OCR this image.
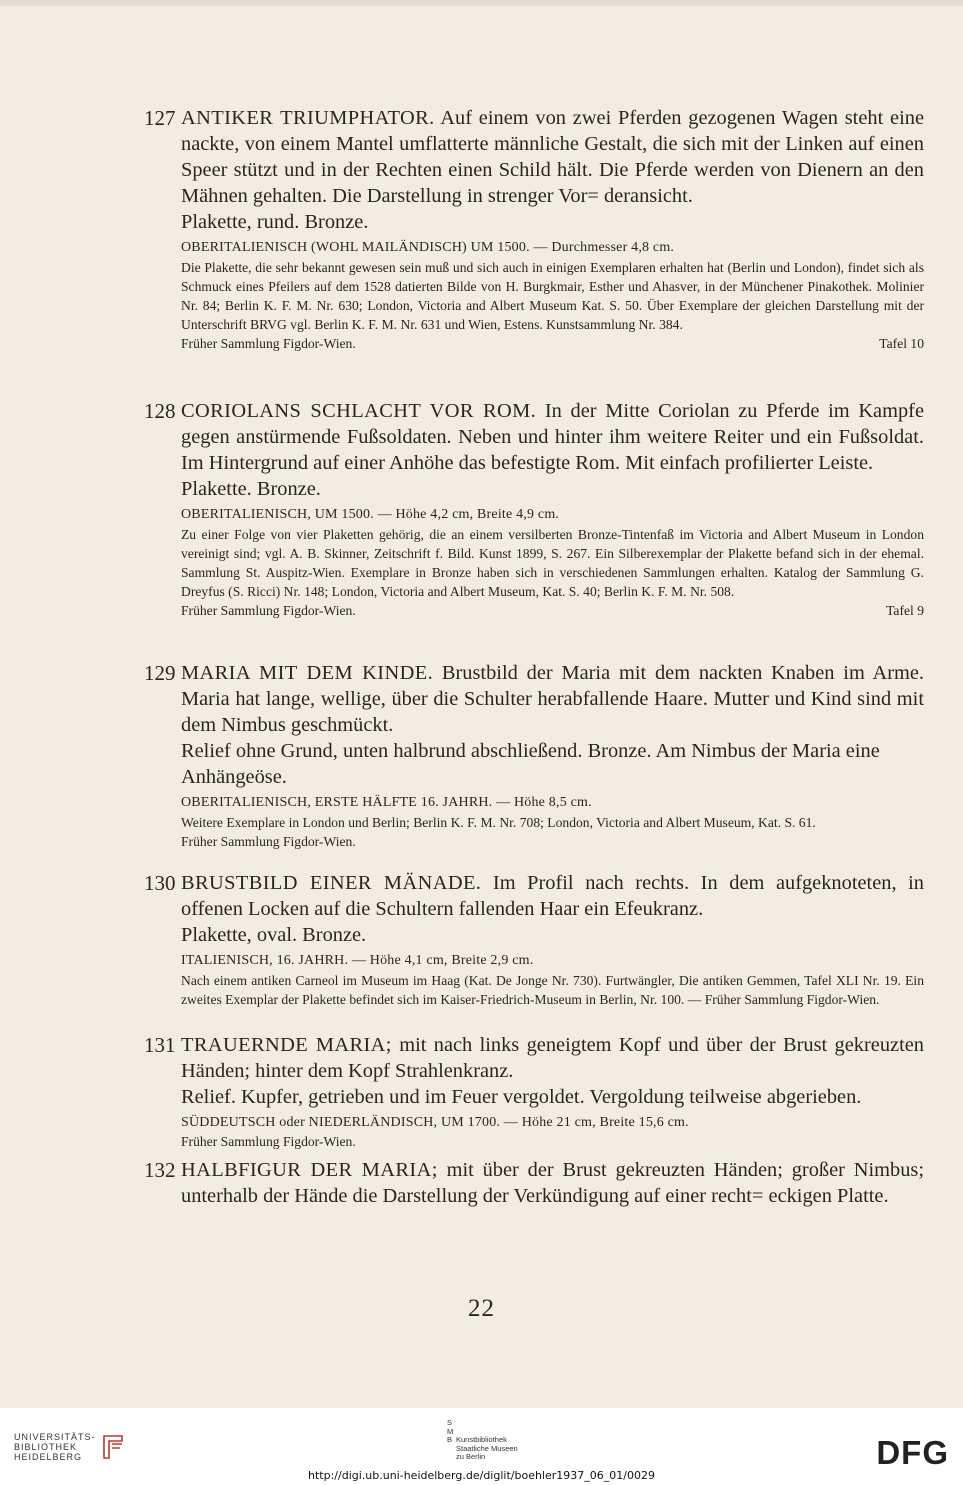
127 ANTIKER TRIUMPHATOR. Auf einem von zwei Pferden gezogenen Wagen steht eine nackte, von einem Mantel umflatterte männliche Gestalt, die sich mit der Linken auf einen Speer stützt und in der Rechten einen Schild hält. Die Pferde werden von Dienern an den Mähnen gehalten. Die Darstellung in strenger Vor= deransicht.

Plakette, rund. Bronze.

OBERITALIENISCH (WOHL MAILÄNDISCH) UM 1500. — Durchmesser 4,8 cm.

Die Plakette, die sehr bekannt gewesen sein muß und sich auch in einigen Exemplaren erhalten hat (Berlin und London), findet sich als Schmuck eines Pfeilers auf dem 1528 datierten Bilde von H. Burgkmair, Esther und Ahasver, in der Münchener Pinakothek. Molinier Nr. 84; Berlin K. F. M. Nr. 630; London, Victoria and Albert Museum Kat. S. 50. Über Exemplare der gleichen Darstellung mit der Unterschrift BRVG vgl. Berlin K. F. M. Nr. 631 und Wien, Estens. Kunstsammlung Nr. 384.

Früher Sammlung Figdor-Wien.	Tafel 10

128 CORIOLANS SCHLACHT VOR ROM. In der Mitte Coriolan zu Pferde im Kampfe gegen anstürmende Fußsoldaten. Neben und hinter ihm weitere Reiter und ein Fußsoldat. Im Hintergrund auf einer Anhöhe das befestigte Rom. Mit einfach profilierter Leiste.

Plakette. Bronze.

OBERITALIENISCH, UM 1500. — Höhe 4,2 cm, Breite 4,9 cm.

Zu einer Folge von vier Plaketten gehörig, die an einem versilberten Bronze-Tintenfaß im Victoria and Albert Museum in London vereinigt sind; vgl. A. B. Skinner, Zeitschrift f. Bild. Kunst 1899, S. 267. Ein Silberexemplar der Plakette befand sich in der ehemal. Sammlung St. Auspitz-Wien. Exemplare in Bronze haben sich in verschiedenen Sammlungen erhalten. Katalog der Sammlung G. Dreyfus (S. Ricci) Nr. 148; London, Victoria and Albert Museum, Kat. S. 40; Berlin K. F. M. Nr. 508.

Früher Sammlung Figdor-Wien.	Tafel 9

129 MARIA MIT DEM KINDE. Brustbild der Maria mit dem nackten Knaben im Arme. Maria hat lange, wellige, über die Schulter herabfallende Haare. Mutter und Kind sind mit dem Nimbus geschmückt.

Relief ohne Grund, unten halbrund abschließend. Bronze. Am Nimbus der Maria eine Anhängeöse.

OBERITALIENISCH, ERSTE HÄLFTE 16. JAHRH. — Höhe 8,5 cm.

Weitere Exemplare in London und Berlin; Berlin K. F. M. Nr. 708; London, Victoria and Albert Museum, Kat. S. 61.

Früher Sammlung Figdor-Wien.

130 BRUSTBILD EINER MÄNADE. Im Profil nach rechts. In dem aufgeknoteten, in offenen Locken auf die Schultern fallenden Haar ein Efeukranz.

Plakette, oval. Bronze.

ITALIENISCH, 16. JAHRH. — Höhe 4,1 cm, Breite 2,9 cm.

Nach einem antiken Carneol im Museum im Haag (Kat. De Jonge Nr. 730). Furtwängler, Die antiken Gemmen, Tafel XLI Nr. 19. Ein zweites Exemplar der Plakette befindet sich im Kaiser-Friedrich-Museum in Berlin, Nr. 100. — Früher Sammlung Figdor-Wien.

131 TRAUERNDE MARIA; mit nach links geneigtem Kopf und über der Brust gekreuzten Händen; hinter dem Kopf Strahlenkranz.

Relief. Kupfer, getrieben und im Feuer vergoldet. Vergoldung teilweise abgerieben.

SÜDDEUTSCH oder NIEDERLÄNDISCH, UM 1700. — Höhe 21 cm, Breite 15,6 cm.

Früher Sammlung Figdor-Wien.

132 HALBFIGUR DER MARIA; mit über der Brust gekreuzten Händen; großer Nimbus; unterhalb der Hände die Darstellung der Verkündigung auf einer recht= eckigen Platte.

22
UNIVERSITÄTS-
BIBLIOTHEK
HEIDELBERG
S
M
B Kunstbibliothek
Staatliche Museen
zu Berlin	DFG
http://digi.ub.uni-heidelberg.de/diglit/boehler1937_06_01/0029
